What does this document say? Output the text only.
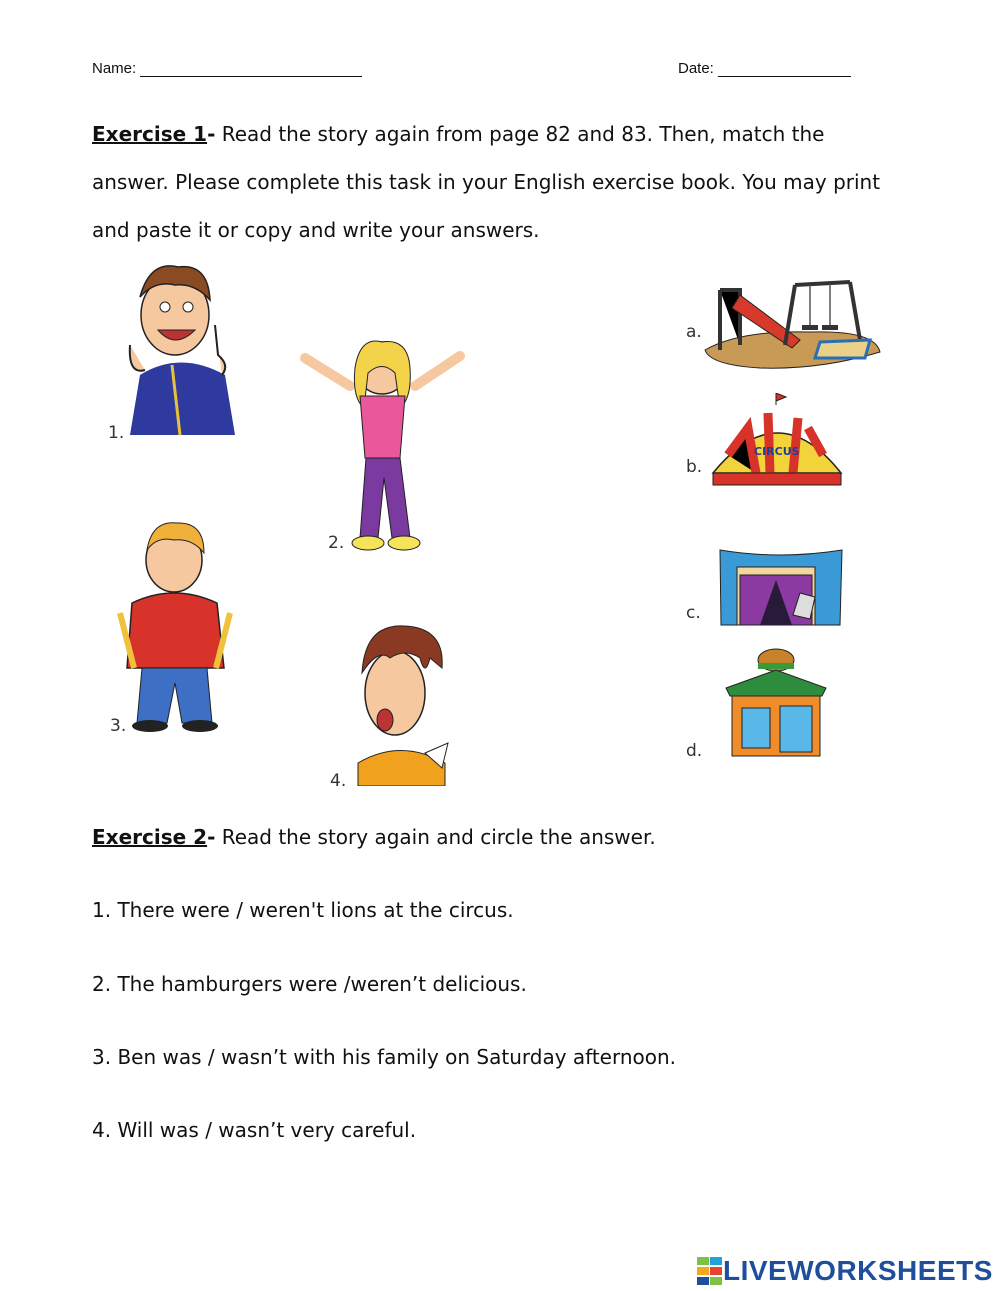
Name:	Date:
Exercise 1- Read the story again from page 82 and 83. Then, match the answer. Please complete this task in your English exercise book. You may print and paste it or copy and write your answers.
1.
2.
3.
4.
a.
CIRCUS
b.
c.
d.
Exercise 2- Read the story again and circle the answer.
1. There were / weren't lions at the circus.
2. The hamburgers were /weren’t delicious.
3. Ben was / wasn’t with his family on Saturday afternoon.
4. Will was / wasn’t very careful.
LIVEWORKSHEETS
